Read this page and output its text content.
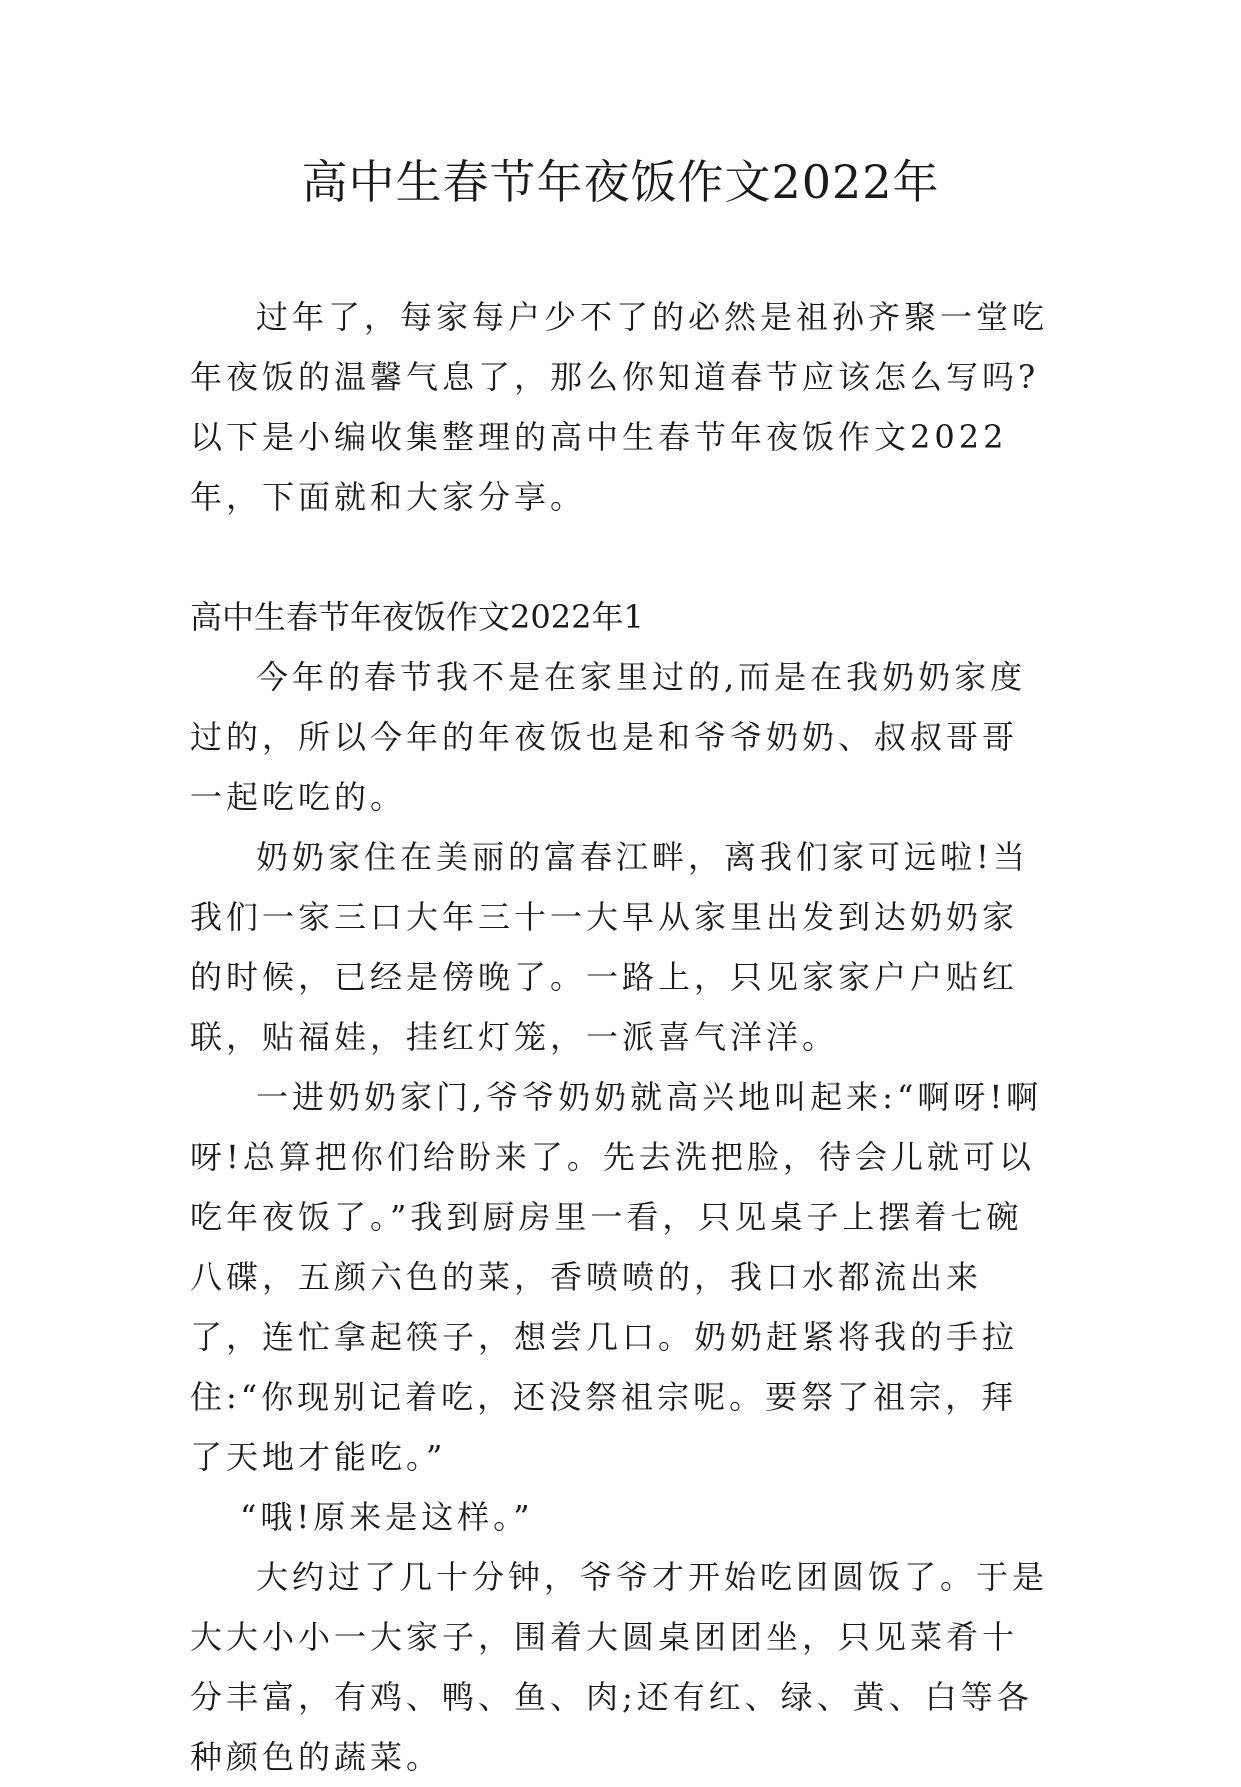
高中生春节年夜饭作文2022年

过年了，每家每户少不了的必然是祖孙齐聚一堂吃年夜饭的温馨气息了，那么你知道春节应该怎么写吗?以下是小编收集整理的高中生春节年夜饭作文2022年，下面就和大家分享。

高中生春节年夜饭作文2022年1

今年的春节我不是在家里过的,而是在我奶奶家度过的，所以今年的年夜饭也是和爷爷奶奶、叔叔哥哥一起吃吃的。

奶奶家住在美丽的富春江畔，离我们家可远啦!当我们一家三口大年三十一大早从家里出发到达奶奶家的时候，已经是傍晚了。一路上，只见家家户户贴红联，贴福娃，挂红灯笼，一派喜气洋洋。

一进奶奶家门,爷爷奶奶就高兴地叫起来:“啊呀!啊呀!总算把你们给盼来了。先去洗把脸，待会儿就可以吃年夜饭了。”我到厨房里一看，只见桌子上摆着七碗八碟，五颜六色的菜，香喷喷的，我口水都流出来了，连忙拿起筷子，想尝几口。奶奶赶紧将我的手拉住:“你现别记着吃，还没祭祖宗呢。要祭了祖宗，拜了天地才能吃。”

“哦!原来是这样。”

大约过了几十分钟，爷爷才开始吃团圆饭了。于是大大小小一大家子，围着大圆桌团团坐，只见菜肴十分丰富，有鸡、鸭、鱼、肉;还有红、绿、黄、白等各种颜色的蔬菜。
